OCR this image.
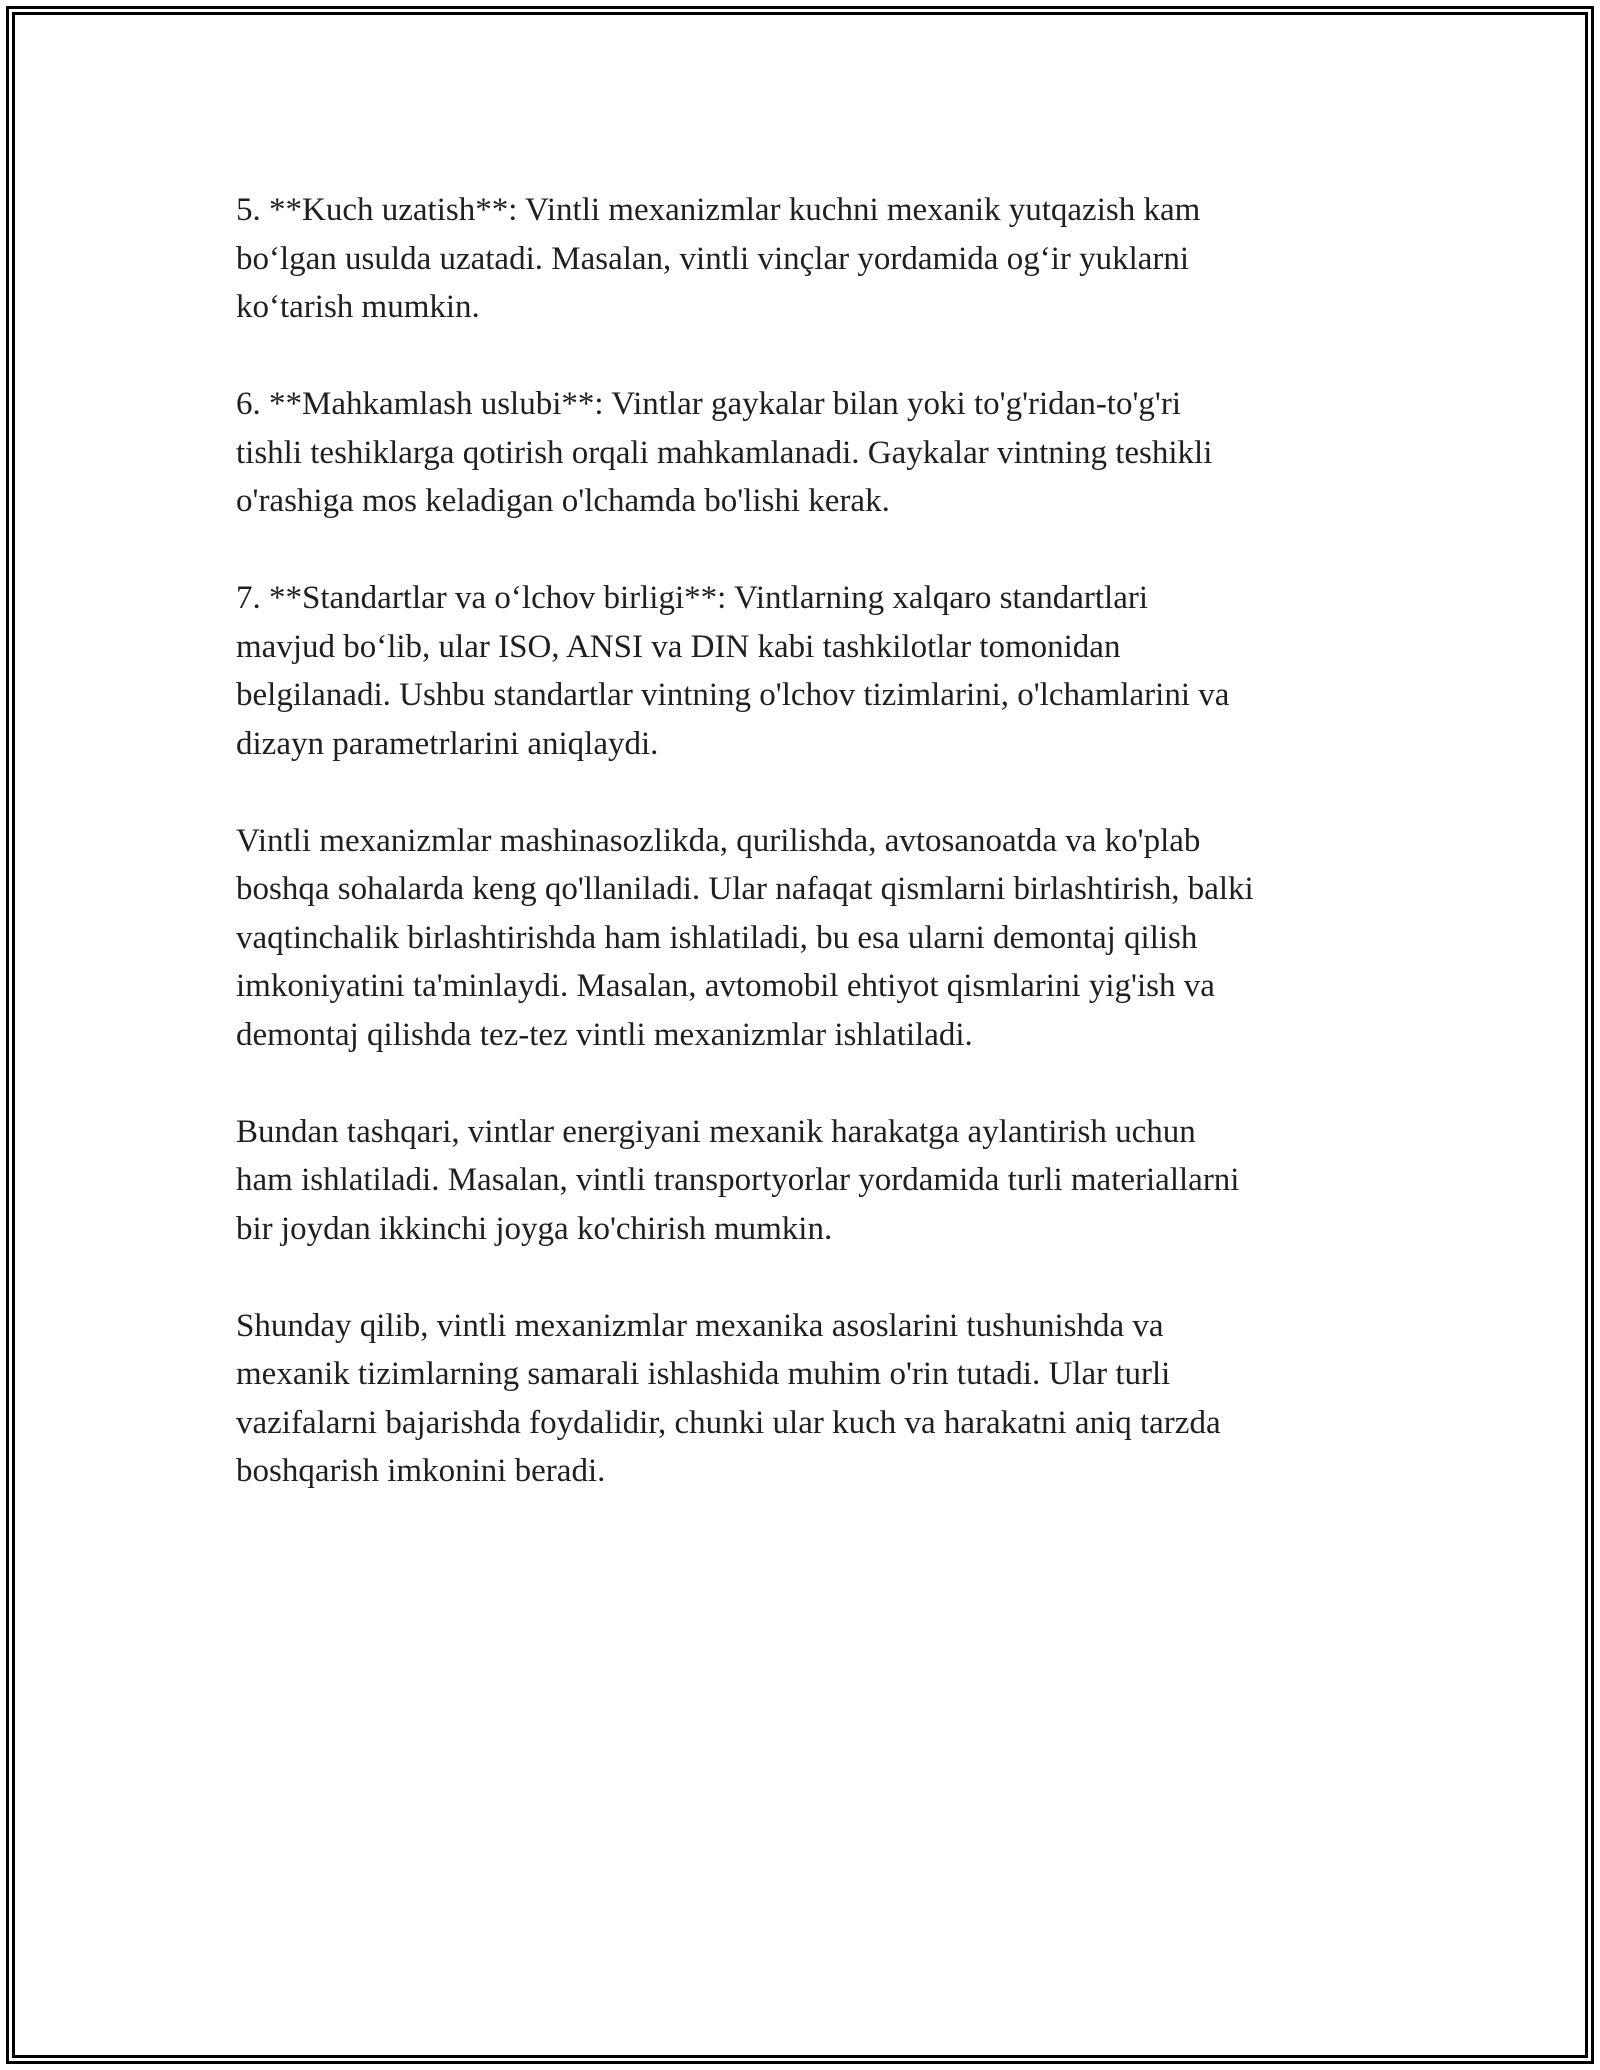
5. **Kuch uzatish**: Vintli mexanizmlar kuchni mexanik yutqazish kam
bo‘lgan usulda uzatadi. Masalan, vintli vinçlar yordamida og‘ir yuklarni
ko‘tarish mumkin.

6. **Mahkamlash uslubi**: Vintlar gaykalar bilan yoki to'g'ridan-to'g'ri
tishli teshiklarga qotirish orqali mahkamlanadi. Gaykalar vintning teshikli
o'rashiga mos keladigan o'lchamda bo'lishi kerak.

7. **Standartlar va o‘lchov birligi**: Vintlarning xalqaro standartlari
mavjud bo‘lib, ular ISO, ANSI va DIN kabi tashkilotlar tomonidan
belgilanadi. Ushbu standartlar vintning o'lchov tizimlarini, o'lchamlarini va
dizayn parametrlarini aniqlaydi.

Vintli mexanizmlar mashinasozlikda, qurilishda, avtosanoatda va ko'plab
boshqa sohalarda keng qo'llaniladi. Ular nafaqat qismlarni birlashtirish, balki
vaqtinchalik birlashtirishda ham ishlatiladi, bu esa ularni demontaj qilish
imkoniyatini ta'minlaydi. Masalan, avtomobil ehtiyot qismlarini yig'ish va
demontaj qilishda tez-tez vintli mexanizmlar ishlatiladi.

Bundan tashqari, vintlar energiyani mexanik harakatga aylantirish uchun
ham ishlatiladi. Masalan, vintli transportyorlar yordamida turli materiallarni
bir joydan ikkinchi joyga ko'chirish mumkin.

Shunday qilib, vintli mexanizmlar mexanika asoslarini tushunishda va
mexanik tizimlarning samarali ishlashida muhim o'rin tutadi. Ular turli
vazifalarni bajarishda foydalidir, chunki ular kuch va harakatni aniq tarzda
boshqarish imkonini beradi.
